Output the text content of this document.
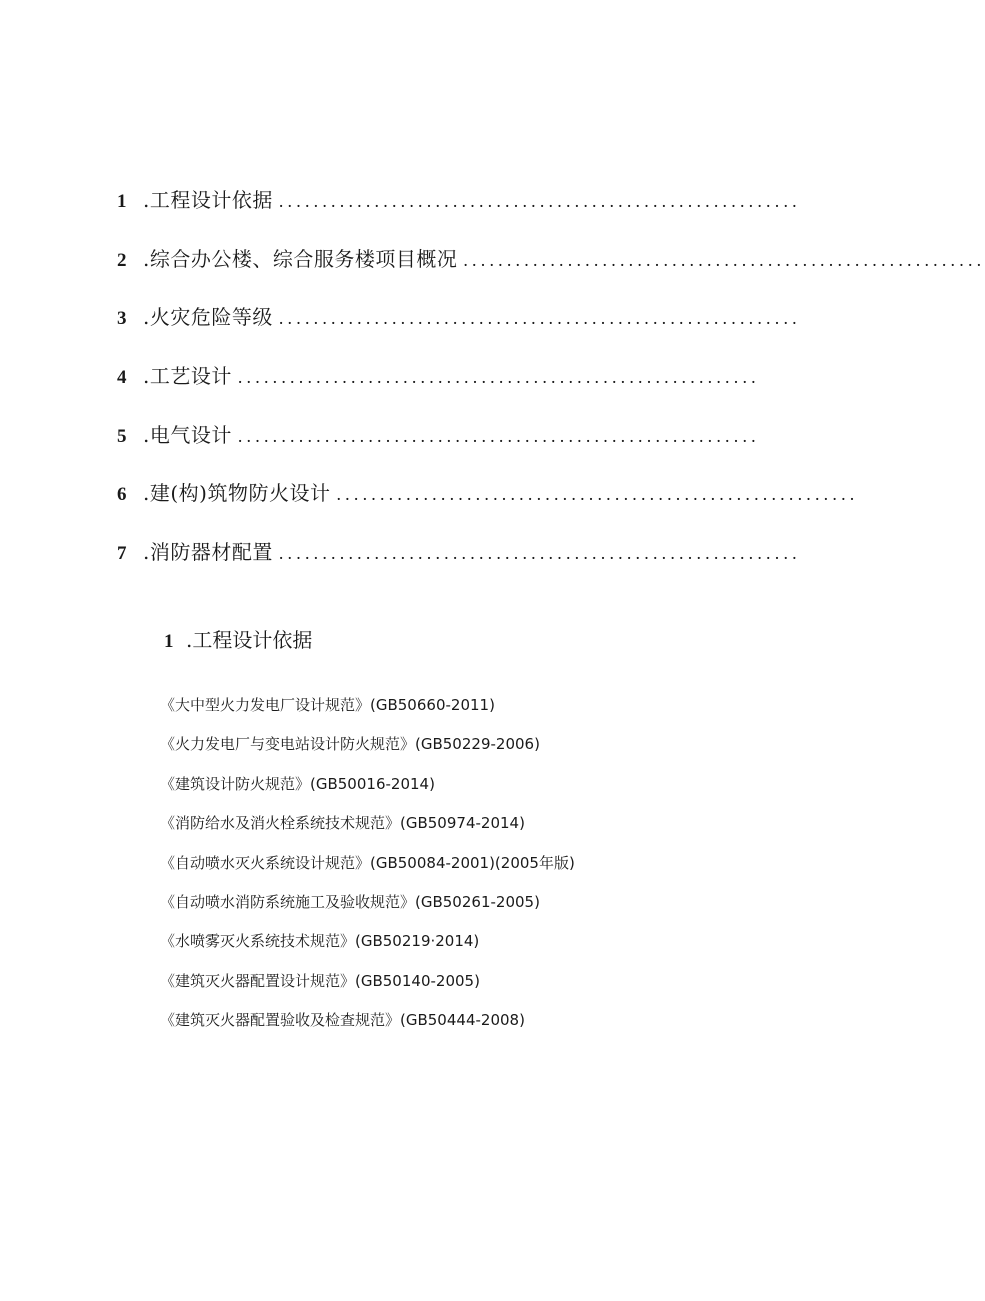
1 .工程设计依据 ............................................................
2 .综合办公楼、综合服务楼项目概况 ............................................................
3 .火灾危险等级 ............................................................
4 .工艺设计 ............................................................
5 .电气设计 ............................................................
6 .建(构)筑物防火设计 ............................................................
7 .消防器材配置 ............................................................
1 .工程设计依据
《大中型火力发电厂设计规范》(GB50660-2011)
《火力发电厂与变电站设计防火规范》(GB50229-2006)
《建筑设计防火规范》(GB50016-2014)
《消防给水及消火栓系统技术规范》(GB50974-2014)
《自动喷水灭火系统设计规范》(GB50084-2001)(2005年版)
《自动喷水消防系统施工及验收规范》(GB50261-2005)
《水喷雾灭火系统技术规范》(GB50219·2014)
《建筑灭火器配置设计规范》(GB50140-2005)
《建筑灭火器配置验收及检查规范》(GB50444-2008)
